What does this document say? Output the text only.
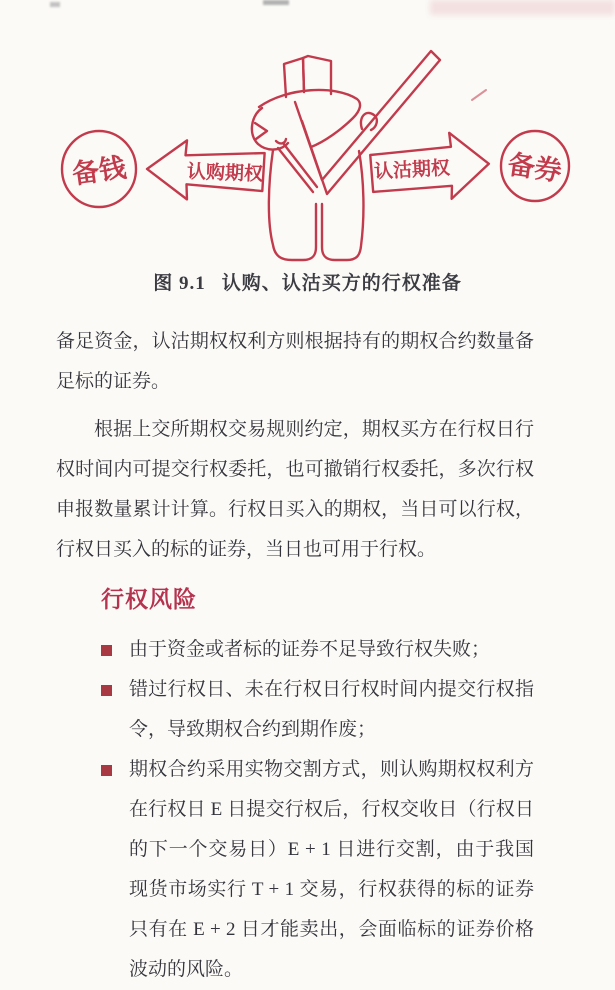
备钱	认购期权	认沽期权 备券
图 9.1 认购、认沽买方的行权准备

备足资金，认沽期权权利方则根据持有的期权合约数量备足标的证券。

根据上交所期权交易规则约定，期权买方在行权日行权时间内可提交行权委托，也可撤销行权委托，多次行权申报数量累计计算。行权日买入的期权，当日可以行权，行权日买入的标的证券，当日也可用于行权。

行权风险
由于资金或者标的证券不足导致行权失败；
错过行权日、未在行权日行权时间内提交行权指令，导致期权合约到期作废；
期权合约采用实物交割方式，则认购期权权利方在行权日 E 日提交行权后，行权交收日（行权日的下一个交易日）E + 1 日进行交割，由于我国现货市场实行 T + 1 交易，行权获得的标的证券只有在 E + 2 日才能卖出，会面临标的证券价格波动的风险。
